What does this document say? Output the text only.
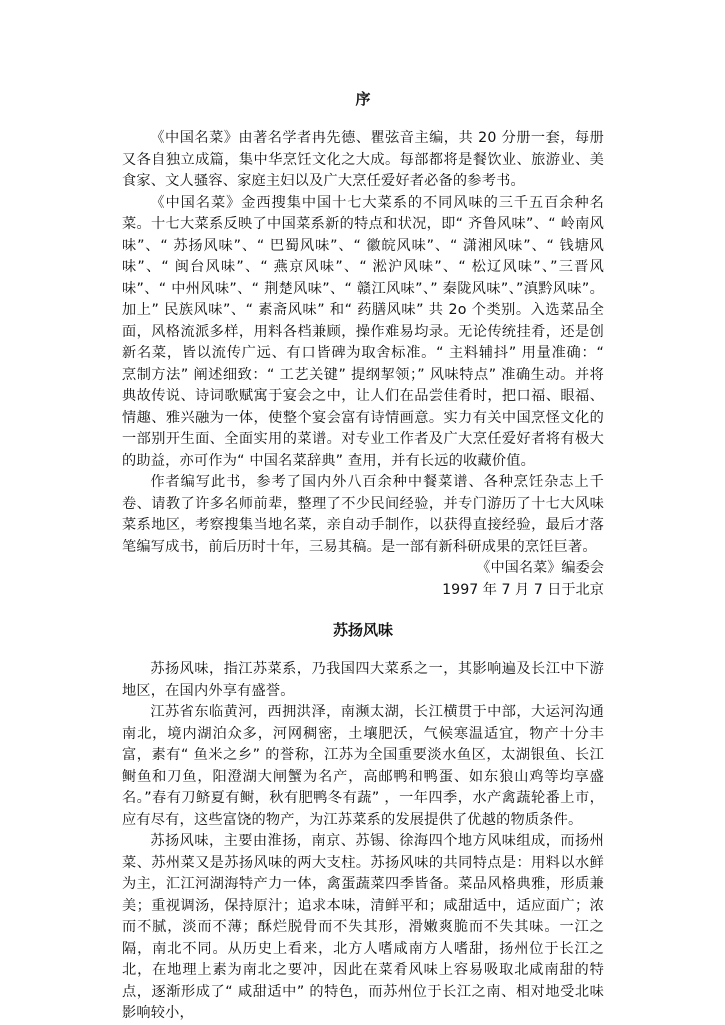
序

《中国名菜》由著名学者冉先德、瞿弦音主编，共 20 分册一套，每册又各自独立成篇，集中华烹饪文化之大成。每部都将是餐饮业、旅游业、美食家、文人骚容、家庭主妇以及广大烹任爱好者必备的参考书。

《中国名菜》金西搜集中国十七大菜系的不同风味的三千五百余种名菜。十七大菜系反映了中国菜系新的特点和状况，即“ 齐鲁风味”、“ 岭南风味”、“ 苏扬风味”、“ 巴蜀风味”、“ 徽皖风味”、“ 潇湘风味”、“ 钱塘风味”、“ 闽台风味”、“ 燕京风味”、“ 淞沪风味”、“ 松辽风味”、”三晋风味”、“ 中州风味”、“ 荆楚风味”、“ 赣江风味”、” 秦陇风味”、”滇黔风味”。加上” 民族风味”、“ 素斋风味” 和“ 药膳风味” 共 2o 个类别。入选菜品全面，风格流派多样，用料各档兼顾，操作难易均录。无论传统挂肴，还是创新名菜，皆以流传广远、有口皆碑为取舍标准。“ 主料辅抖” 用量准确：“ 烹制方法” 阐述细致：“ 工艺关键” 提纲挈领；” 风味特点” 准确生动。并将典故传说、诗词歌赋寓于宴会之中，让人们在品尝佳肴时，把口福、眼福、情趣、雅兴融为一体，使整个宴会富有诗情画意。实力有关中国烹怪文化的一部别开生面、全面实用的菜谱。对专业工作者及广大烹任爱好者将有极大的助益，亦可作为“ 中国名菜辞典” 查用，并有长远的收藏价值。

作者编写此书，参考了国内外八百余种中餐菜谱、各种烹饪杂志上千卷、请教了许多名师前辈，整理了不少民间经验，并专门游历了十七大风味菜系地区，考察搜集当地名菜，亲自动手制作，以获得直接经验，最后才落笔编写成书，前后历时十年，三易其稿。是一部有新科研成果的烹饪巨著。

《中国名菜》编委会

1997 年 7 月 7 日于北京

苏扬风味

苏扬风味，指江苏菜系，乃我国四大菜系之一，其影响遍及长江中下游地区，在国内外享有盛誉。

江苏省东临黄河，西拥洪泽，南濒太湖，长江横贯于中部，大运河沟通南北，境内湖泊众多，河网稠密，土壤肥沃，气候寒温适宜，物产十分丰富，素有“ 鱼米之乡” 的誉称，江苏为全国重要淡水鱼区，太湖银鱼、长江鲥鱼和刀鱼，阳澄湖大闸蟹为名产，高邮鸭和鸭蛋、如东狼山鸡等均享盛名。”春有刀鲚夏有鲥，秋有肥鸭冬有蔬” ，一年四季，水产禽蔬轮番上市，应有尽有，这些富饶的物产，为江苏菜系的发展提供了优越的物质条件。

苏扬风味，主要由淮扬，南京、苏锡、徐海四个地方风味组成，而扬州菜、苏州菜又是苏扬风味的两大支柱。苏扬风味的共同特点是：用料以水鲜为主，汇江河湖海特产力一体，禽蛋蔬菜四季皆备。菜品风格典雅，形质兼美；重视调汤，保持原汁；追求本味，清鲜平和；咸甜适中，适应面广；浓而不腻，淡而不薄；酥烂脱骨而不失其形，滑嫩爽脆而不失其味。一江之隔，南北不同。从历史上看来，北方人嗜咸南方人嗜甜，扬州位于长江之北，在地理上素为南北之要冲，因此在菜肴风味上容易吸取北咸南甜的特点，逐渐形成了“ 咸甜适中” 的特色，而苏州位于长江之南、相对地受北味影响较小，
